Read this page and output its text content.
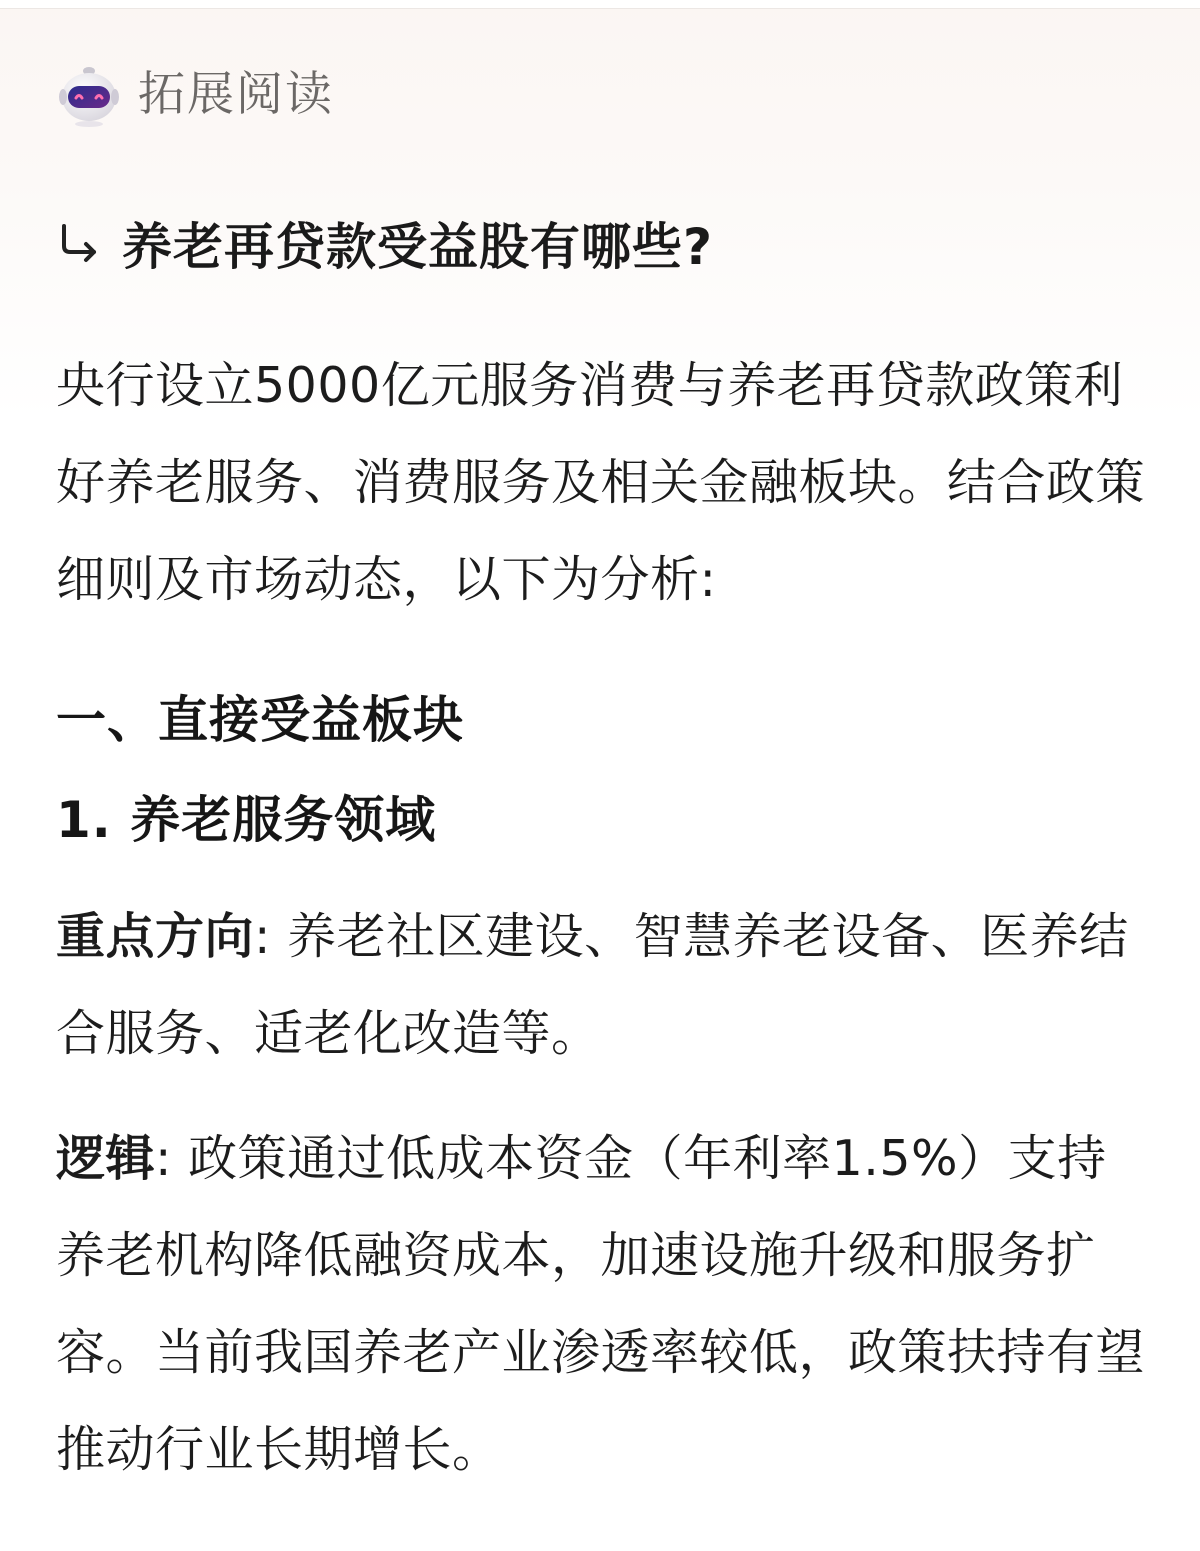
拓展阅读
养老再贷款受益股有哪些?
央行设立5000亿元服务消费与养老再贷款政策利好养老服务、消费服务及相关金融板块。结合政策细则及市场动态，以下为分析:
一、直接受益板块
1. 养老服务领域
重点方向: 养老社区建设、智慧养老设备、医养结合服务、适老化改造等。
逻辑: 政策通过低成本资金（年利率1.5%）支持养老机构降低融资成本，加速设施升级和服务扩容。当前我国养老产业渗透率较低，政策扶持有望推动行业长期增长。
